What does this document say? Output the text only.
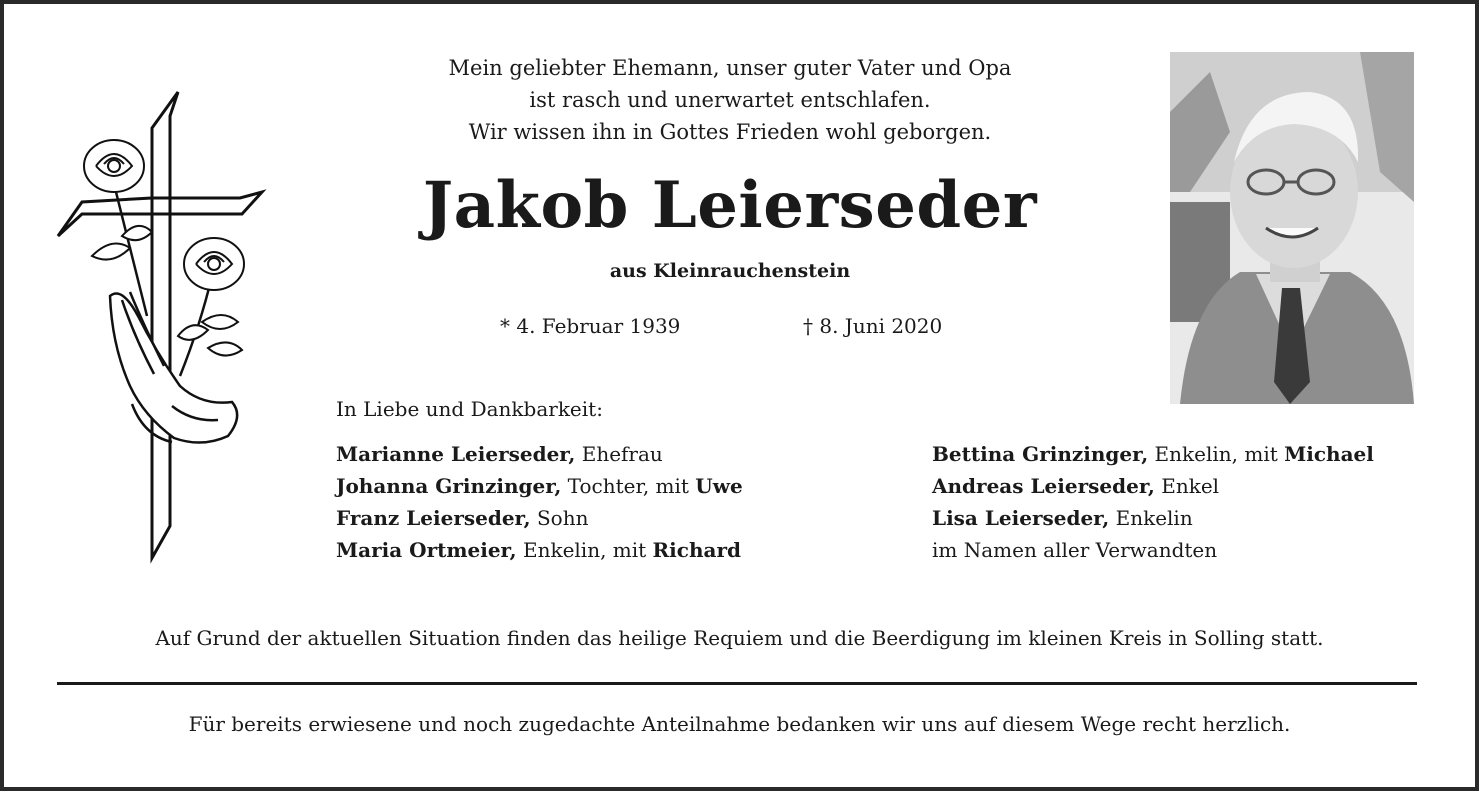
Mein geliebter Ehemann, unser guter Vater und Opa
ist rasch und unerwartet entschlafen.
Wir wissen ihn in Gottes Frieden wohl geborgen.
Jakob Leierseder
aus Kleinrauchenstein
* 4. Februar 1939	† 8. Juni 2020
In Liebe und Dankbarkeit:
Marianne Leierseder, Ehefrau
Johanna Grinzinger, Tochter, mit Uwe
Franz Leierseder, Sohn
Maria Ortmeier, Enkelin, mit Richard
Bettina Grinzinger, Enkelin, mit Michael
Andreas Leierseder, Enkel
Lisa Leierseder, Enkelin
im Namen aller Verwandten
Auf Grund der aktuellen Situation finden das heilige Requiem und die Beerdigung im kleinen Kreis in Solling statt.
Für bereits erwiesene und noch zugedachte Anteilnahme bedanken wir uns auf diesem Wege recht herzlich.
